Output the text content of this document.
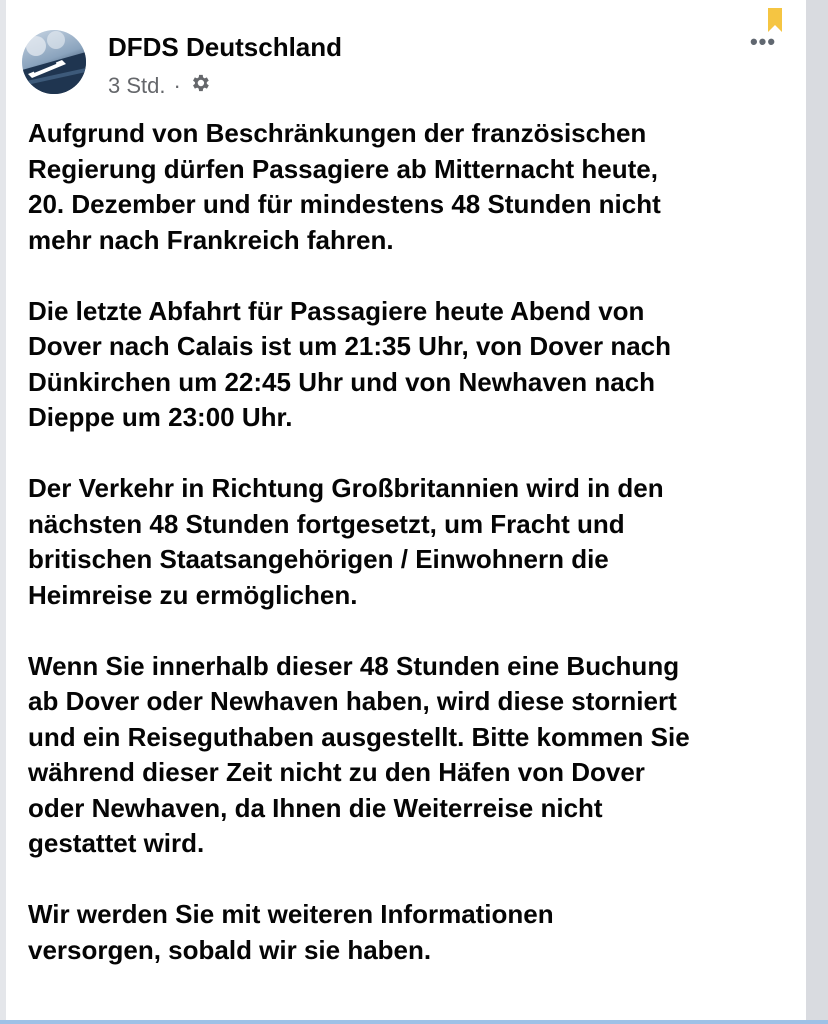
DFDS Deutschland
3 Std. ·
•••

Aufgrund von Beschränkungen der französischen
Regierung dürfen Passagiere ab Mitternacht heute,
20. Dezember und für mindestens 48 Stunden nicht
mehr nach Frankreich fahren.

Die letzte Abfahrt für Passagiere heute Abend von
Dover nach Calais ist um 21:35 Uhr, von Dover nach
Dünkirchen um 22:45 Uhr und von Newhaven nach
Dieppe um 23:00 Uhr.

Der Verkehr in Richtung Großbritannien wird in den
nächsten 48 Stunden fortgesetzt, um Fracht und
britischen Staatsangehörigen / Einwohnern die
Heimreise zu ermöglichen.

Wenn Sie innerhalb dieser 48 Stunden eine Buchung
ab Dover oder Newhaven haben, wird diese storniert
und ein Reiseguthaben ausgestellt. Bitte kommen Sie
während dieser Zeit nicht zu den Häfen von Dover
oder Newhaven, da Ihnen die Weiterreise nicht
gestattet wird.

Wir werden Sie mit weiteren Informationen
versorgen, sobald wir sie haben.
